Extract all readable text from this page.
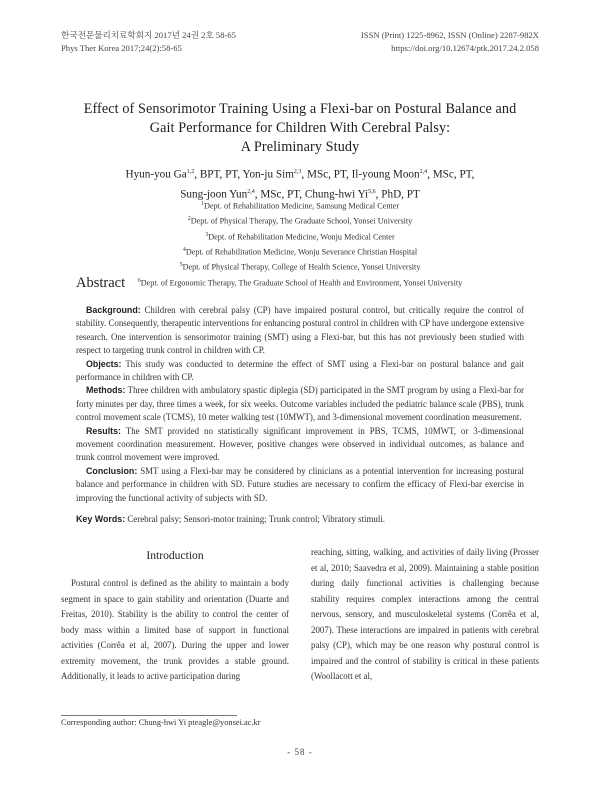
한국전문물리치료학회지 2017년 24권 2호 58-65
Phys Ther Korea 2017;24(2):58-65
ISSN (Print) 1225-8962, ISSN (Online) 2287-982X
https://doi.org/10.12674/ptk.2017.24.2.058
Effect of Sensorimotor Training Using a Flexi-bar on Postural Balance and
Gait Performance for Children With Cerebral Palsy:
A Preliminary Study
Hyun-you Ga$^{1,2}$, BPT, PT, Yon-ju Sim$^{2,3}$, MSc, PT, Il-young Moon$^{2,4}$, MSc, PT,
Sung-joon Yun$^{2,4}$, MSc, PT, Chung-hwi Yi$^{5,6}$, PhD, PT
$^1$Dept. of Rehabilitation Medicine, Samsung Medical Center
$^2$Dept. of Physical Therapy, The Graduate School, Yonsei University
$^3$Dept. of Rehabilitation Medicine, Wonju Medical Center
$^4$Dept. of Rehabilitation Medicine, Wonju Severance Christian Hospital
$^5$Dept. of Physical Therapy, College of Health Science, Yonsei University
$^6$Dept. of Ergonomic Therapy, The Graduate School of Health and Environment, Yonsei University
Abstract

Background: Children with cerebral palsy (CP) have impaired postural control, but critically require the control of stability. Consequently, therapeutic interventions for enhancing postural control in children with CP have undergone extensive research. One intervention is sensorimotor training (SMT) using a Flexi-bar, but this has not previously been studied with respect to targeting trunk control in children with CP.

Objects: This study was conducted to determine the effect of SMT using a Flexi-bar on postural balance and gait performance in children with CP.

Methods: Three children with ambulatory spastic diplegia (SD) participated in the SMT program by using a Flexi-bar for forty minutes per day, three times a week, for six weeks. Outcome variables included the pediatric balance scale (PBS), trunk control movement scale (TCMS), 10 meter walking test (10MWT), and 3-dimensional movement coordination measurement.

Results: The SMT provided no statistically significant improvement in PBS, TCMS, 10MWT, or 3-dimensional movement coordination measurement. However, positive changes were observed in individual outcomes, as balance and trunk control movement were improved.

Conclusion: SMT using a Flexi-bar may be considered by clinicians as a potential intervention for increasing postural balance and performance in children with SD. Future studies are necessary to confirm the efficacy of Flexi-bar exercise in improving the functional activity of subjects with SD.

Key Words: Cerebral palsy; Sensori-motor training; Trunk control; Vibratory stimuli.
Introduction

Postural control is defined as the ability to maintain a body segment in space to gain stability and orientation (Duarte and Freitas, 2010). Stability is the ability to control the center of body mass within a limited base of support in functional activities (Corrêa et al, 2007). During the upper and lower extremity movement, the trunk provides a stable ground. Additionally, it leads to active participation during

reaching, sitting, walking, and activities of daily living (Prosser et al, 2010; Saavedra et al, 2009). Maintaining a stable position during daily functional activities is challenging because stability requires complex interactions among the central nervous, sensory, and musculoskeletal systems (Corrêa et al, 2007). These interactions are impaired in patients with cerebral palsy (CP), which may be one reason why postural control is impaired and the control of stability is critical in these patients (Woollacott et al,

Corresponding author: Chung-hwi Yi pteagle@yonsei.ac.kr
- 58 -
